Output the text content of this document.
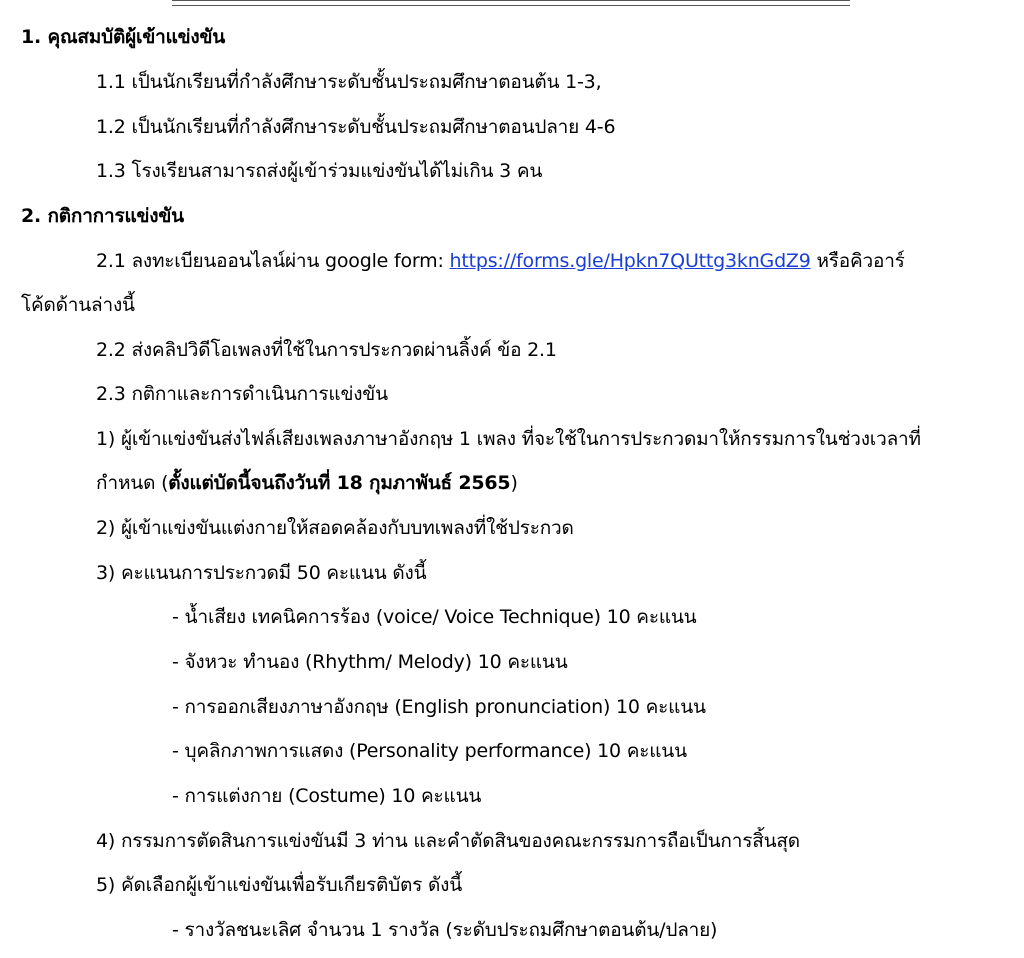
1. คุณสมบัติผู้เข้าแข่งขัน
1.1 เป็นนักเรียนที่กำลังศึกษาระดับชั้นประถมศึกษาตอนต้น 1-3,
1.2 เป็นนักเรียนที่กำลังศึกษาระดับชั้นประถมศึกษาตอนปลาย 4-6
1.3 โรงเรียนสามารถส่งผู้เข้าร่วมแข่งขันได้ไม่เกิน 3 คน
2. กติกาการแข่งขัน
2.1 ลงทะเบียนออนไลน์ผ่าน google form: https://forms.gle/Hpkn7QUttg3knGdZ9 หรือคิวอาร์
โค้ดด้านล่างนี้
2.2 ส่งคลิปวิดีโอเพลงที่ใช้ในการประกวดผ่านลิ้งค์ ข้อ 2.1
2.3 กติกาและการดำเนินการแข่งขัน
1) ผู้เข้าแข่งขันส่งไฟล์เสียงเพลงภาษาอังกฤษ 1 เพลง ที่จะใช้ในการประกวดมาให้กรรมการในช่วงเวลาที่
กำหนด (ตั้งแต่บัดนี้จนถึงวันที่ 18 กุมภาพันธ์ 2565)
2) ผู้เข้าแข่งขันแต่งกายให้สอดคล้องกับบทเพลงที่ใช้ประกวด
3) คะแนนการประกวดมี 50 คะแนน ดังนี้
- น้ำเสียง เทคนิคการร้อง (voice/ Voice Technique) 10 คะแนน
- จังหวะ ทำนอง (Rhythm/ Melody) 10 คะแนน
- การออกเสียงภาษาอังกฤษ (English pronunciation) 10 คะแนน
- บุคลิกภาพการแสดง (Personality performance) 10 คะแนน
- การแต่งกาย (Costume) 10 คะแนน
4) กรรมการตัดสินการแข่งขันมี 3 ท่าน และคำตัดสินของคณะกรรมการถือเป็นการสิ้นสุด
5) คัดเลือกผู้เข้าแข่งขันเพื่อรับเกียรติบัตร ดังนี้
- รางวัลชนะเลิศ จำนวน 1 รางวัล (ระดับประถมศึกษาตอนต้น/ปลาย)
